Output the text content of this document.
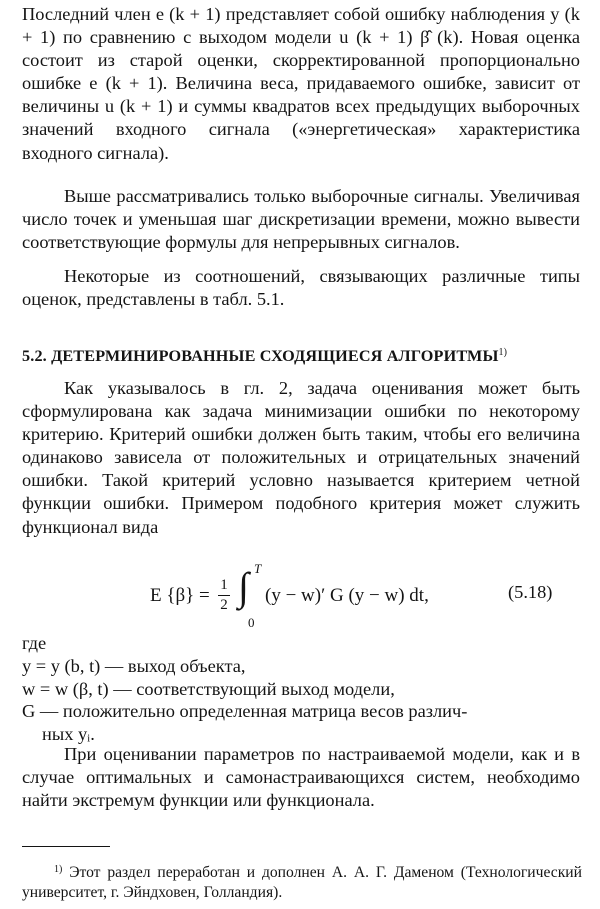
Последний член e (k + 1) представляет собой ошибку наблюдения y (k + 1) по сравнению с выходом модели u (k + 1) β̂ (k). Новая оценка состоит из старой оценки, скорректированной пропорционально ошибке e (k + 1). Величина веса, придаваемого ошибке, зависит от величины u (k + 1) и суммы квадратов всех предыдущих выборочных значений входного сигнала («энергетическая» характеристика входного сигнала).

Выше рассматривались только выборочные сигналы. Увеличивая число точек и уменьшая шаг дискретизации времени, можно вывести соответствующие формулы для непрерывных сигналов.

Некоторые из соотношений, связывающих различные типы оценок, представлены в табл. 5.1.

5.2. ДЕТЕРМИНИРОВАННЫЕ СХОДЯЩИЕСЯ АЛГОРИТМЫ$^{1)}$

Как указывалось в гл. 2, задача оценивания может быть сформулирована как задача минимизации ошибки по некоторому критерию. Критерий ошибки должен быть таким, чтобы его величина одинаково зависела от положительных и отрицательных значений ошибки. Такой критерий условно называется критерием четной функции ошибки. Примером подобного критерия может служить функционал вида

E {β} = 1
2 ∫ T
0
(y − w)′ G (y − w) dt,	(5.18)
где
y = y (b, t) — выход объекта,
w = w (β, t) — соответствующий выход модели,
G — положительно определенная матрица весов различ-
ных yᵢ.

При оценивании параметров по настраиваемой модели, как и в случае оптимальных и самонастраивающихся систем, необходимо найти экстремум функции или функционала.

$^{1)}$ Этот раздел переработан и дополнен А. А. Г. Даменом (Технологический университет, г. Эйндховен, Голландия).
